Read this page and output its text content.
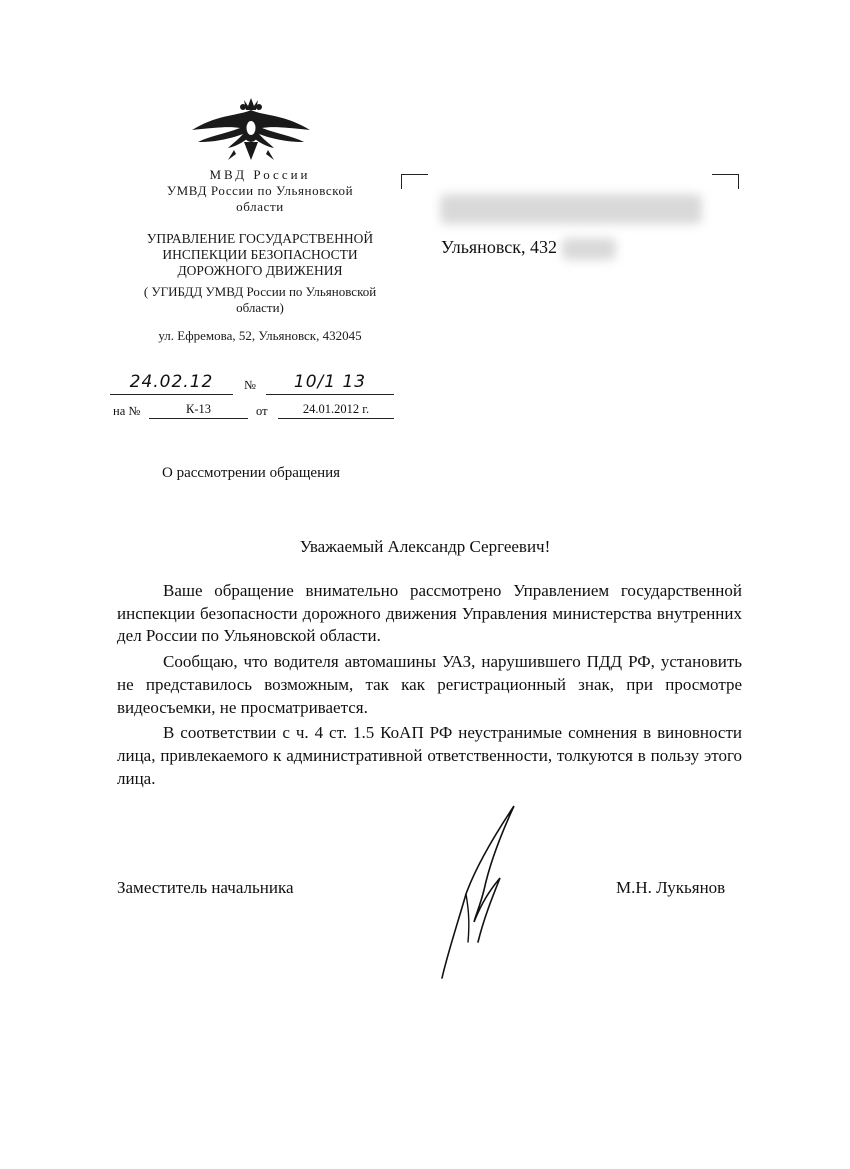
МВД России
УМВД России по Ульяновской
области
УПРАВЛЕНИЕ ГОСУДАРСТВЕННОЙ
ИНСПЕКЦИИ БЕЗОПАСНОСТИ
ДОРОЖНОГО ДВИЖЕНИЯ
( УГИБДД УМВД России по Ульяновской
области)
ул. Ефремова, 52, Ульяновск, 432045
24.02.12	№	10/1 13
на №	К-13	от	24.01.2012 г.
Ульяновск, 432
О рассмотрении обращения
Уважаемый Александр Сергеевич!

Ваше обращение внимательно рассмотрено Управлением государственной инспекции безопасности дорожного движения Управления министерства внутренних дел России по Ульяновской области.

Сообщаю, что водителя автомашины УАЗ, нарушившего ПДД РФ, установить не представилось возможным, так как регистрационный знак, при просмотре видеосъемки, не просматривается.

В соответствии с ч. 4 ст. 1.5 КоАП РФ неустранимые сомнения в виновности лица, привлекаемого к административной ответственности, толкуются в пользу этого лица.

Заместитель начальника	М.Н. Лукьянов
